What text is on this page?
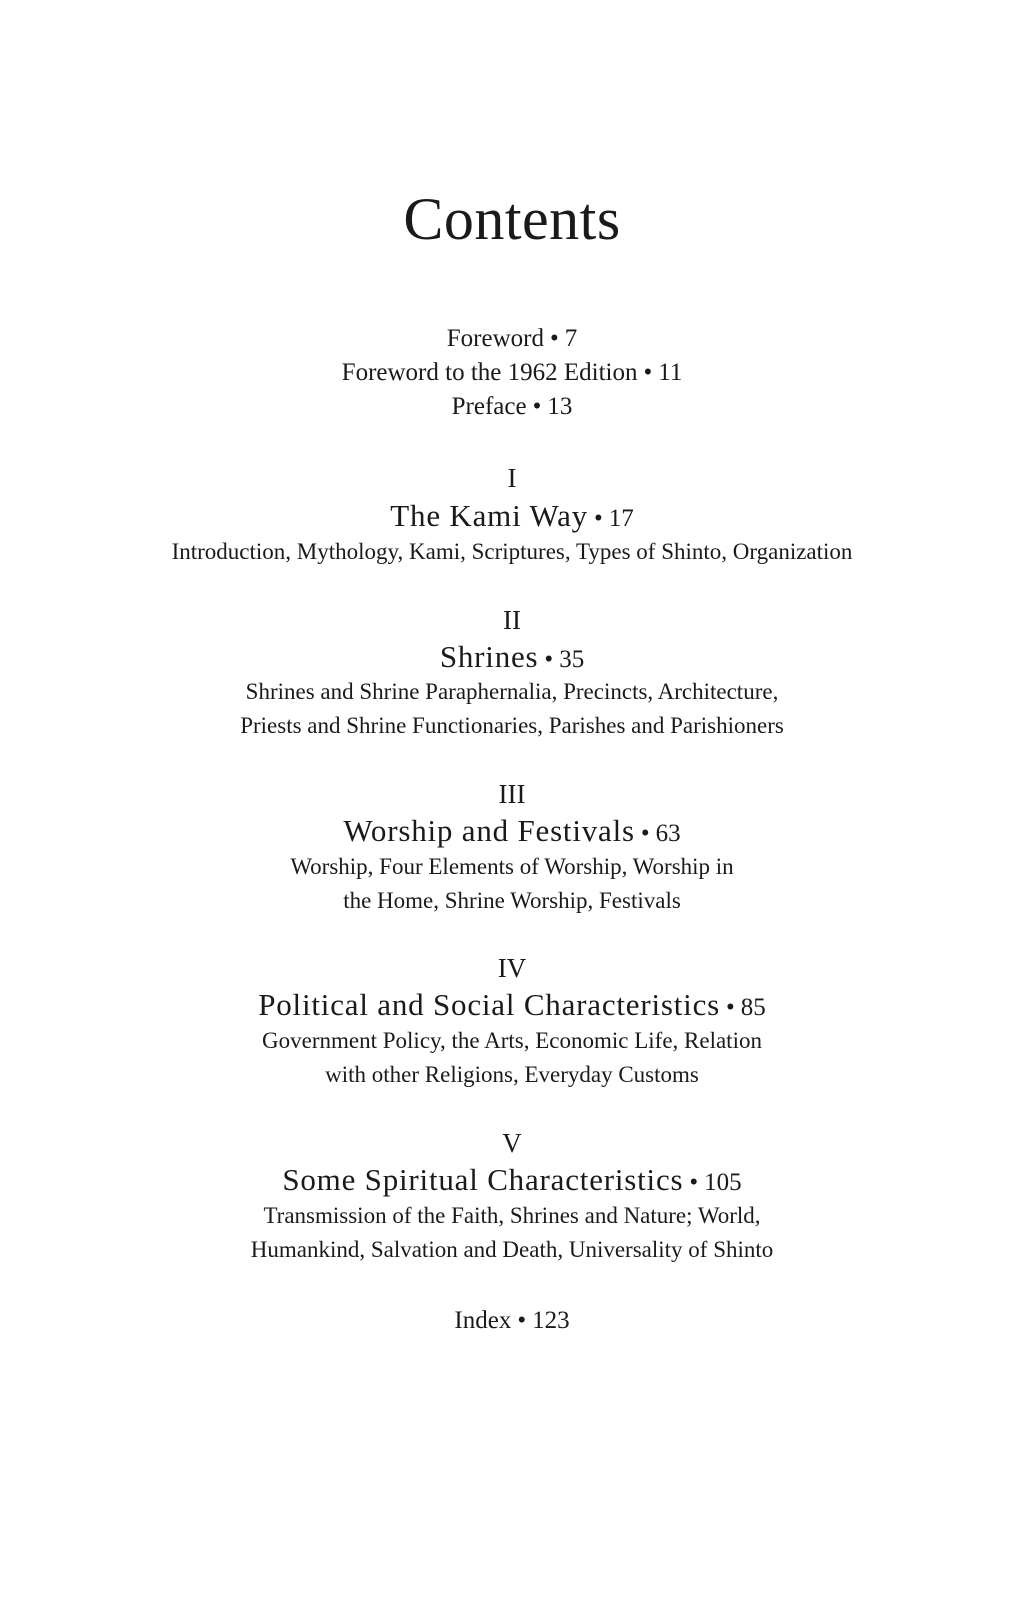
Contents
Foreword • 7
Foreword to the 1962 Edition • 11
Preface • 13
I
The Kami Way • 17
Introduction, Mythology, Kami, Scriptures, Types of Shinto, Organization
II
Shrines • 35
Shrines and Shrine Paraphernalia, Precincts, Architecture,
Priests and Shrine Functionaries, Parishes and Parishioners
III
Worship and Festivals • 63
Worship, Four Elements of Worship, Worship in
the Home, Shrine Worship, Festivals
IV
Political and Social Characteristics • 85
Government Policy, the Arts, Economic Life, Relation
with other Religions, Everyday Customs
V
Some Spiritual Characteristics • 105
Transmission of the Faith, Shrines and Nature; World,
Humankind, Salvation and Death, Universality of Shinto
Index • 123
